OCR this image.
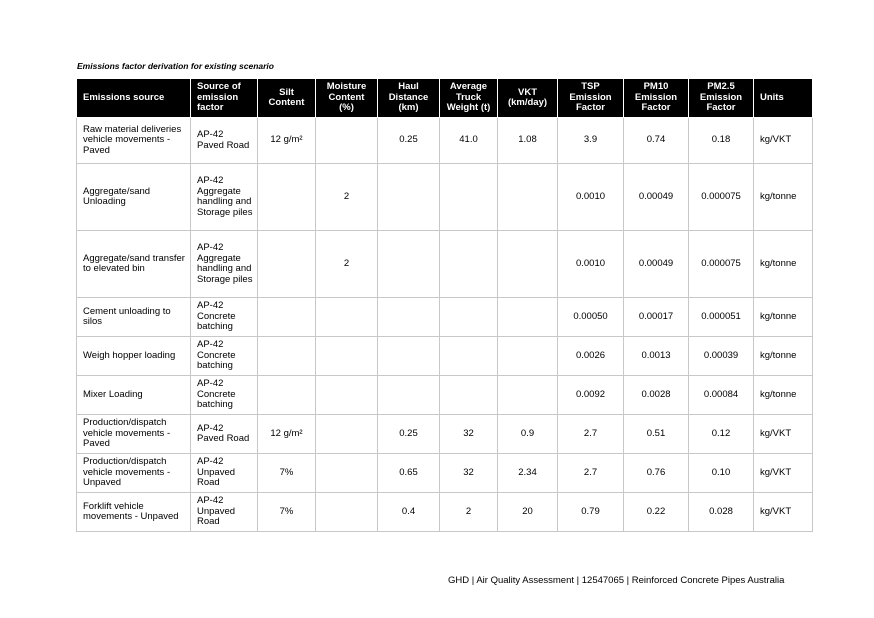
Emissions factor derivation for existing scenario
Emissions source	Source of
emission
factor	Silt
Content	Moisture
Content
(%)	Haul
Distance
(km)	Average
Truck
Weight (t)	VKT
(km/day)	TSP
Emission
Factor	PM10
Emission
Factor	PM2.5
Emission
Factor	Units
Raw material deliveries
vehicle movements -
Paved	AP-42
Paved Road	12 g/m²		0.25	41.0	1.08	3.9	0.74	0.18	kg/VKT
Aggregate/sand
Unloading	AP-42
Aggregate
handling and
Storage piles		2				0.0010	0.00049	0.000075	kg/tonne
Aggregate/sand transfer
to elevated bin	AP-42
Aggregate
handling and
Storage piles		2				0.0010	0.00049	0.000075	kg/tonne
Cement unloading to
silos	AP-42
Concrete
batching						0.00050	0.00017	0.000051	kg/tonne
Weigh hopper loading	AP-42
Concrete
batching						0.0026	0.0013	0.00039	kg/tonne
Mixer Loading	AP-42
Concrete
batching						0.0092	0.0028	0.00084	kg/tonne
Production/dispatch
vehicle movements -
Paved	AP-42
Paved Road	12 g/m²		0.25	32	0.9	2.7	0.51	0.12	kg/VKT
Production/dispatch
vehicle movements -
Unpaved	AP-42
Unpaved
Road	7%		0.65	32	2.34	2.7	0.76	0.10	kg/VKT
Forklift vehicle
movements - Unpaved	AP-42
Unpaved
Road	7%		0.4	2	20	0.79	0.22	0.028	kg/VKT
GHD | Air Quality Assessment | 12547065 | Reinforced Concrete Pipes Australia
